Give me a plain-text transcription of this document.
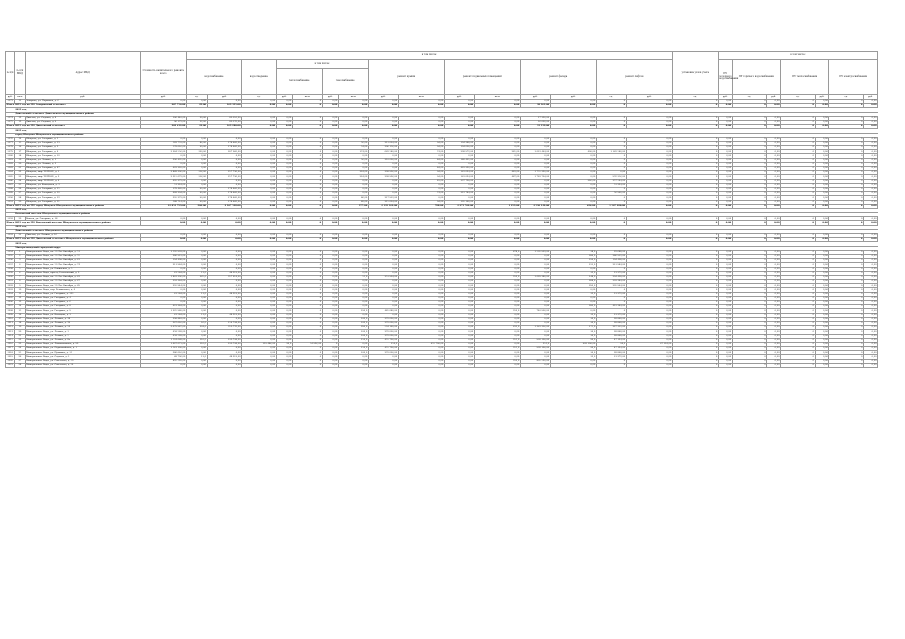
№ п/п	№ п/п МКД	Адрес МКД	Стоимость капитального ремонта всего	в том числе:															установка узлов учета	в том числе:						
				водоснабжение		водоотведение	в том числе:				ремонт крыши		ремонт подвальных помещений		ремонт фасада		ремонт лифтов			ПУ холодного водоснабжения	ПУ горячего водоснабжения		ПУ теплоснабжения		ПУ электроснабжения	
							теплоснабжение		газоснабжение																	
руб.	кв.м	руб.	руб.	ед.	руб.	ед.	руб.	кв.м	руб.	кв.м	руб.	кв.м	руб.	кв.м	руб.	руб.	ед.	руб.	ед.	руб.	ед.	руб.	ед.	руб.	ед.	руб.
1173	11	Захарово, ул. Парковая, д. 6	0,00	0,00	0,00	0,00	0,00	0	0,00	0,00	0,00	0,00	0,00	0,00	0,00	0,00	0	0,00	0	0,00	0	0,00	0	0,00	0	0,00
Итого 2019 год по МО Захаровский сельсовет			207 756,00	29,00	169 395,00	0,00	0,00	0	0,00	0,00	0,00	0,00	0,00	0,00	38 361,00	0,00	0	0,00	0	0,00	0	0,00	0	0,00	0	0,00
	2019 год																									
	Дивеевский сельсовет Дивеевского муниципального района																									
1174	12	Дивеево, ул. Садовая, д. 8	106 440,00	20,00	89 110,00	0,00	0,00	0	0,00	0,00	0,00	0,00	0,00	0,00	17 330,00	0,00	0	0,00	0	0,00	0	0,00	0	0,00	0	0,00
1175	13	Дивеево, ул. Садовая, д. 9	96 172,00	22,00	80 170,00	0,00	0,00	0	0,00	0,00	0,00	0,00	0,00	0,00	16 002,00	0,00	0	0,00	0	0,00	0	0,00	0	0,00	0	0,00
Итого 2019 год по МО Дивеевский сельсовет			202 612,00	42,00	169 280,00	0,00	0,00	0	0,00	0,00	0,00	0,00	0,00	0,00	33 332,00	0,00	0	0,00	0	0,00	0	0,00	0	0,00	0	0,00
	2019 год																									
	город Шахунья Шахунского муниципального района																									
1176	14	Шахунья, ул. Гагарина, д. 1	0,00	0,00	0,00	0,00	0,00	0	0,00	0,00	0,00	0,00	0,00	0,00	0,00	0,00	0	0,00	0	0,00	0	0,00	0	0,00	0	0,00
1177	15	Шахунья, ул. Гагарина, д. 13	583 752,00	84,00	178 460,00	0,00	0,00	0	0,00	56,00	211 004,00	94,00	194 288,00	0,00	0,00	0,00	0	0,00	0	0,00	0	0,00	0	0,00	0	0,00
1178	16	Шахунья, ул. Гагарина, д. 2	578 616,00	90,00	178 460,00	0,00	0,00	0	0,00	54,00	206 156,00	94,00	194 000,00	0,00	0,00	0,00	0	0,00	0	0,00	0	0,00	0	0,00	0	0,00
1179	17	Шахунья, ул. Гагарина, д. 4	3 284 556,00	120,00	207 960,00	0,00	0,00	0	0,00	174,00	662 580,00	74,00	238 972,00	285,00	1 012 464,00	400,00	1 162 580,00	0,00	0	0,00	0	0,00	0	0,00	0	0,00
1180	18	Шахунья, ул. Гагарина, д. 10	0,00	0,00	0,00	0,00	0,00	0	0,00	0,00	0,00	0,00	0,00	0,00	0,00	0,00	0	0,00	0	0,00	0	0,00	0	0,00	0	0,00
1181	19	Шахунья, ул. Ленина, д. 1	390 405,00	0,00	0,00	0,00	0,00	0	0,00	56,00	210 000,00	84,00	180 405,00	0,00	0,00	0,00	0	0,00	0	0,00	0	0,00	0	0,00	0	0,00
1182	20	Шахунья, ул. Ленина, д. 3	0,00	0,00	0,00	0,00	0,00	0	0,00	0,00	0,00	0,00	0,00	0,00	0,00	0,00	0	0,00	0	0,00	0	0,00	0	0,00	0	0,00
1183	21	Шахунья, ул. Гагарина, д. 47	422 220,00	0,00	0,00	0,00	0,00	0	0,00	0,00	0,00	84,00	422 220,00	0,00	0,00	0,00	0	0,00	0	0,00	0	0,00	0	0,00	0	0,00
1184	22	Шахунья, мкр. ЧЕРНОЕ, д. 1	2 868 336,00	116,00	257 736,00	0,00	0,00	0	0,00	224,00	238 936,00	94,00	161 024,00	481,00	1 755 320,00	0,00	0,00	0,00	0	0,00	0	0,00	0	0,00	0	0,00
1185	23	Шахунья, мкр. ЧЕРНОЕ, д. 2	2 315 672,00	116,00	257 736,00	0,00	0,00	0	0,00	224,00	238 936,00	94,00	161 024,00	487,00	1 781 704,00	0,00	976 256,00	0,00	0	0,00	0	0,00	0	0,00	0	0,00
1186	24	Шахунья, мкр. ЧЕРНОЕ, д. 4	495 272,00	0,00	0,00	0,00	0,00	0	0,00	0,00	0,00	81,00	237 728,00	0,00	0,00	226,00	257 544,00	0,00	0	0,00	0	0,00	0	0,00	0	0,00
1187	25	Шахунья, ул. Кольцевая, д. 3	51 224,00	0,00	0,00	0,00	0,00	0	0,00	0,00	0,00	0,00	0,00	0,00	0,00	0,00	51 224,00	0,00	0	0,00	0	0,00	0	0,00	0	0,00
1188	26	Шахунья, ул. Гагарина, д. 15	178 460,00	90,00	178 460,00	0,00	0,00	0	0,00	0,00	0,00	0,00	0,00	0,00	0,00	0,00	0	0,00	0	0,00	0	0,00	0	0,00	0	0,00
1189	27	Шахунья, ул. Гагарина, д. 10	448 204,00	90,00	178 460,00	0,00	0,00	0	0,00	0,00	0,00	74,00	212 784,00	0,00	0,00	0,00	56 960,00	0,00	0	0,00	0	0,00	0	0,00	0	0,00
1190	28	Шахунья, ул. Гагарина, д. 12	395 372,00	90,00	178 460,00	0,00	0,00	0	0,00	86,00	217 912,00	0,00	0,00	0,00	0,00	0,00	0	0,00	0	0,00	0	0,00	0	0,00	0	0,00
1191	29	Шахунья, ул. Гагарина, д. 11	588 714,00	90,00	178 460,00	0,00	0,00	0	0,00	80,00	215 094,00	94,00	195 160,00	0,00	0,00	0,00	0	0,00	0	0,00	0	0,00	0	0,00	0	0,00
Итого 2019 год по МО город Шахунья Шахунского муниципального района			12 853 799,00	906,00	2 107 528,00	0,00	0,00	0	0,00	977,00	2 139 364,00	788,00	2 273 704,00	1 253,00	4 530 144,00	626,00	1 507 280,00	0,00	0	0,00	0	0,00	0	0,00	0	0,00
	2019 год																									
	Вахтанский поселок Шахунского муниципального района																									
1192	30	Вахтан, ул. Гагарина, д. 18	0,00	0,00	0,00	0,00	0,00	0	0,00	0,00	0,00	0,00	0,00	0,00	0,00	0,00	0	0,00	0	0,00	0	0,00	0	0,00	0	0,00
Итого 2019 год по МО Вахтанский поселок Шахунского муниципального района			0,00	0,00	0,00	0,00	0,00	0	0,00	0,00	0,00	0,00	0,00	0,00	0,00	0,00	0	0,00	0	0,00	0	0,00	0	0,00	0	0,00
	2019 год																									
	Дивеевский сельсовет Шахунского муниципального района																									
1193	31	Дивеево, ул. Ленина, д. 16	0,00	0,00	0,00	0,00	0,00	0	0,00	0,00	0,00	0,00	0,00	0,00	0,00	0,00	0	0,00	0	0,00	0	0,00	0	0,00	0	0,00
Итого 2019 год по МО Дивеевский сельсовет Шахунского муниципального района			0,00	0,00	0,00	0,00	0,00	0	0,00	0,00	0,00	0,00	0,00	0,00	0,00	0,00	0	0,00	0	0,00	0	0,00	0	0,00	0	0,00
	2019 год																									
	Минераловодский городской округ																									
1194	1	Минеральные Воды, пл. 50 Лет Октября, д. 51	1 595 993,00	0,00	0,00	0,00	0,00	0	0,00	0,00	0,00	0,00	0,00	878,0	1 595 993,00	18,0	22 688,00	0,00	0	0,00	0	0,00	0	0,00	0	0,00
1195	2	Минеральные Воды, пл. 50 Лет Октября, д. 55	286 912,00	0,00	0,00	0,00	0,00	0	0,00	0,00	0,00	0,00	0,00	0,00	0,00	286,0	286 912,00	0,00	0	0,00	0	0,00	0	0,00	0	0,00
1196	3	Минеральные Воды, пл. 50 Лет Октября, д. 61	194 408,00	0,00	0,00	0,00	0,00	0	0,00	0,00	0,00	0,00	0,00	0,00	0,00	194,0	194 408,00	0,00	0	0,00	0	0,00	0	0,00	0	0,00
1197	4	Минеральные Воды, пл. 50 Лет Октября, д. 74	211 984,00	0,00	0,00	0,00	0,00	0	0,00	0,00	0,00	0,00	0,00	0,00	0,00	211,0	211 984,00	0,00	0	0,00	0	0,00	0	0,00	0	0,00
1198	5	Минеральные Воды, ул. Бакинская, д. 5	0,00	0,00	0,00	0,00	0,00	0	0,00	0,00	0,00	0,00	0,00	0,00	0,00	0,00	0	0,00	0	0,00	0	0,00	0	0,00	0	0,00
1199	6	Минеральные Воды, проезд Гоголевский, д. 9	61 584,00	11,0	48 312,00	0,00	0,00	0	0,00	0,00	0,00	0,00	0,00	0,00	0,00	13,0	13 272,00	0,00	0	0,00	0	0,00	0	0,00	0	0,00
1200	7	Минеральные Воды, пл. 50 Лет Октября, д. 63	1 843 336,00	265,0	357 614,00	0,00	0,00	0	0,00	55,0	251 904,00	0,00	0,00	350,0	1 029 380,00	148,0	204 438,00	0,00	0	0,00	0	0,00	0	0,00	0	0,00
1201	8	Минеральные Воды, пл. 50 Лет Октября, д. 67	293 384,00	0,00	0,00	0,00	0,00	0	0,00	0,00	0,00	0,00	0,00	0,00	0,00	288,0	293 384,00	0,00	0	0,00	0	0,00	0	0,00	0	0,00
1202	9	Минеральные Воды, пл. 50 Лет Октября, д. 69	295 944,00	0,00	0,00	0,00	0,00	0	0,00	0,00	0,00	0,00	0,00	0,00	0,00	290,0	295 944,00	0,00	0	0,00	0	0,00	0	0,00	0	0,00
1203	10	Минеральные Воды, пер. Белинского, д. 4	0,00	0,00	0,00	0,00	0,00	0	0,00	0,00	0,00	0,00	0,00	0,00	0,00	0,00	0	0,00	0	0,00	0	0,00	0	0,00	0	0,00
1204	11	Минеральные Воды, ул. Гагарина, д. 131	61 584,00	11,0	48 312,00	0,00	0,00	0	0,00	0,00	0,00	0,00	0,00	0,00	0,00	13,0	13 272,00	0,00	0	0,00	0	0,00	0	0,00	0	0,00
1205	12	Минеральные Воды, ул. Гагарина, д. 4	0,00	0,00	0,00	0,00	0,00	0	0,00	0,00	0,00	0,00	0,00	0,00	0,00	0,00	0	0,00	0	0,00	0	0,00	0	0,00	0	0,00
1206	13	Минеральные Воды, ул. Гагарина, д. 6	0,00	0,00	0,00	0,00	0,00	0	0,00	0,00	0,00	0,00	0,00	0,00	0,00	0,00	0	0,00	0	0,00	0	0,00	0	0,00	0	0,00
1207	14	Минеральные Воды, ул. Гагарина, д. 8	421 384,00	0,00	0,00	0,00	0,00	0	0,00	0,00	0,00	0,00	0,00	0,00	0,00	280,0	421 384,00	0,00	0	0,00	0	0,00	0	0,00	0	0,00
1208	15	Минеральные Воды, ул. Гагарина, д. 9	1 225 980,00	0,00	0,00	0,00	0,00	0	0,00	190,0	485 080,00	0,00	0,00	350,0	740 900,00	0,00	0	0,00	0	0,00	0	0,00	0	0,00	0	0,00
1209	16	Минеральные Воды, ул. Кольцова, д. 3	61 584,00	11,0	48 312,00	0,00	0,00	0	0,00	0,00	0,00	0,00	0,00	0,00	0,00	13,0	13 272,00	0,00	0	0,00	0	0,00	0	0,00	0	0,00
1210	17	Минеральные Воды, ул. Ленина, д. 38	298 848,00	0,00	0,00	0,00	0,00	0	0,00	100,0	270 000,00	0,00	0,00	0,00	0,00	16,0	28 848,00	0,00	0	0,00	0	0,00	0	0,00	0	0,00
1211	18	Минеральные Воды, ул. Ленина, д. 39	347 616,00	16,0	154 744,00	0,00	0,00	0	0,00	100,0	270 000,00	0,00	0,00	0,00	0,00	16,0	28 848,00	0,00	0	0,00	0	0,00	0	0,00	0	0,00
1212	19	Минеральные Воды, ул. Ленина, д. 56	3 079 987,00	324,0	359 776,00	0,00	0,00	0	0,00	290,0	534 160,00	0,00	0,00	631,0	1 361 316,00	175,0	227 312,00	0,00	0	0,00	0	0,00	0	0,00	0	0,00
1213	20	Минеральные Воды, ул. Ленина, д. 1	458 528,00	0,00	0,00	0,00	0,00	0	0,00	100,0	270 000,00	0,00	0,00	0,00	0,00	16,0	28 848,00	0,00	0	0,00	0	0,00	0	0,00	0	0,00
1214	21	Минеральные Воды, ул. Ленина, д. 5	458 528,00	0,00	0,00	0,00	0,00	0	0,00	100,0	270 000,00	0,00	0,00	0,00	0,00	16,0	28 848,00	0,00	0	0,00	0	0,00	0	0,00	0	0,00
1215	22	Минеральные Воды, ул. Ленина, д. 8а	1 524 668,00	110,0	219 744,00	0,00	0,00	0	0,00	150,0	455 700,00	0,00	0,00	355,0	902 100,00	26,0	47 124,00	0,00	0	0,00	0	0,00	0	0,00	0	0,00
1216	23	Минеральные Воды, ул. Локомотивная, д. 90	1 647 071,00	110,0	219 744,00	119 486,00	26,0	54 926,00	0	0,00	150,0	455 700,00	0,00	0,00	355,0	902 100,00	26,0	47 124,00	0	0,00	0	0,00	0	0,00	0	0,00
1217	24	Минеральные Воды, ул. Первомайская, д. 1	1 561 100,00	0,00	0,00	0,00	0,00	0	0,00	150,0	455 700,00	0,00	0,00	355,0	902 100,00	26,0	47 124,00	0,00	0	0,00	0	0,00	0	0,00	0	0,00
1218	25	Минеральные Воды, ул. Пушкина, д. 15	386 016,00	0,00	0,00	0,00	0,00	0	0,00	100,0	270 000,00	0,00	0,00	0,00	0,00	16,0	28 848,00	0,00	0	0,00	0	0,00	0	0,00	0	0,00
1219	26	Минеральные Воды, ул. Садовая, д. 1	68 736,00	11,0	48 312,00	0,00	0,00	0	0,00	0,00	0,00	0,00	0,00	0,00	0,00	13,0	13 272,00	0,00	0	0,00	0	0,00	0	0,00	0	0,00
1220	27	Минеральные Воды, ул. Советская, д. 50	895 520,00	0,00	0,00	0,00	0,00	0	0,00	0,00	0,00	0,00	0,00	350,0	895 520,00	0,00	0	0,00	0	0,00	0	0,00	0	0,00	0	0,00
1221	28	Минеральные Воды, ул. Советская, д. 54	0,00	0,00	0,00	0,00	0,00	0	0,00	0,00	0,00	0,00	0,00	0,00	0,00	0,00	0	0,00	0	0,00	0	0,00	0	0,00	0	0,00
